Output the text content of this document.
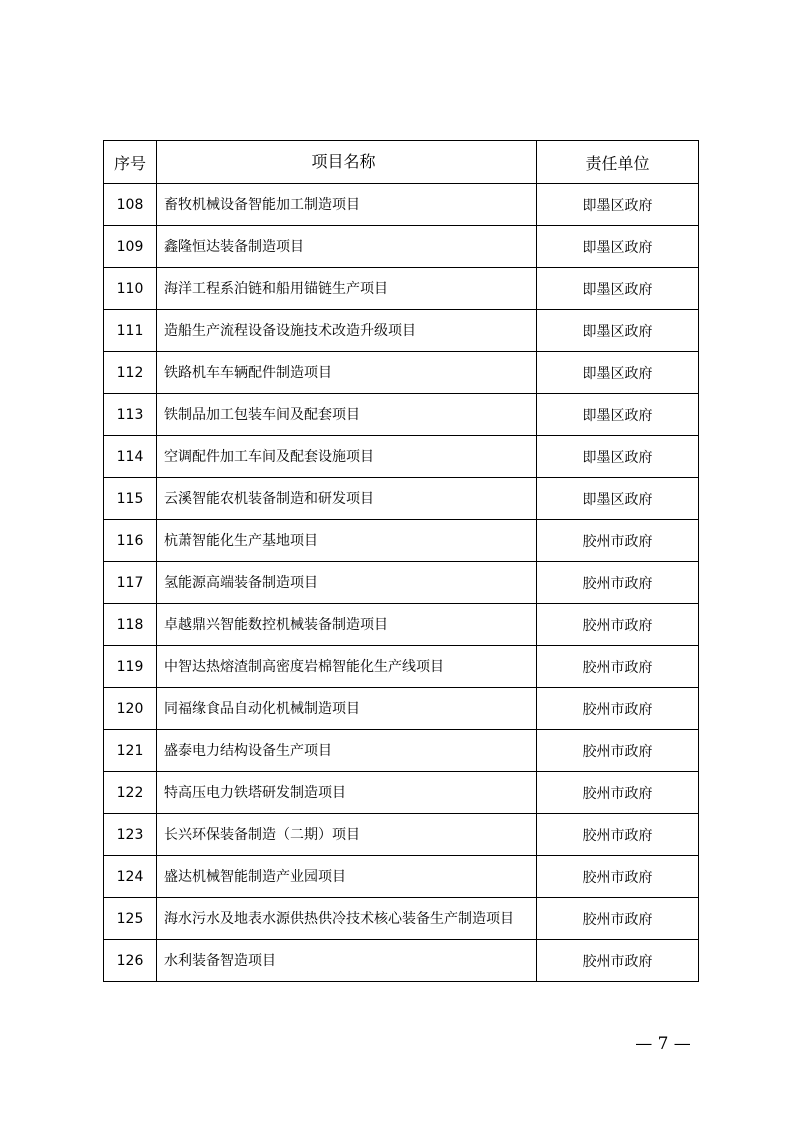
序号	项目名称	责任单位
108	畜牧机械设备智能加工制造项目	即墨区政府
109	鑫隆恒达装备制造项目	即墨区政府
110	海洋工程系泊链和船用锚链生产项目	即墨区政府
111	造船生产流程设备设施技术改造升级项目	即墨区政府
112	铁路机车车辆配件制造项目	即墨区政府
113	铁制品加工包装车间及配套项目	即墨区政府
114	空调配件加工车间及配套设施项目	即墨区政府
115	云溪智能农机装备制造和研发项目	即墨区政府
116	杭萧智能化生产基地项目	胶州市政府
117	氢能源高端装备制造项目	胶州市政府
118	卓越鼎兴智能数控机械装备制造项目	胶州市政府
119	中智达热熔渣制高密度岩棉智能化生产线项目	胶州市政府
120	同福缘食品自动化机械制造项目	胶州市政府
121	盛泰电力结构设备生产项目	胶州市政府
122	特高压电力铁塔研发制造项目	胶州市政府
123	长兴环保装备制造（二期）项目	胶州市政府
124	盛达机械智能制造产业园项目	胶州市政府
125	海水污水及地表水源供热供冷技术核心装备生产制造项目	胶州市政府
126	水利装备智造项目	胶州市政府
— 7 —
